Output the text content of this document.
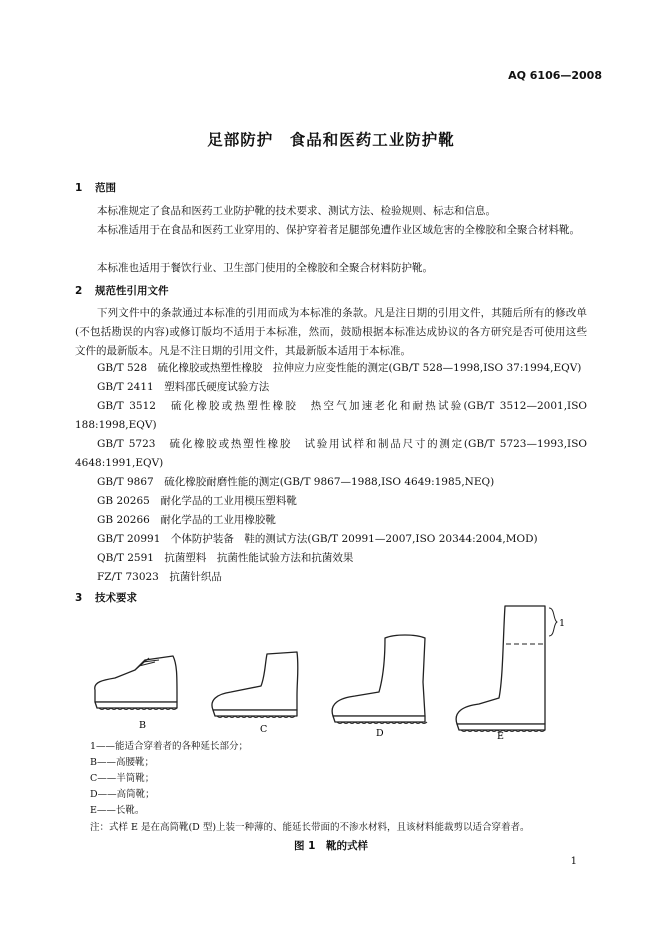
AQ 6106—2008
足部防护　食品和医药工业防护靴
1 范围
本标准规定了食品和医药工业防护靴的技术要求、测试方法、检验规则、标志和信息。
本标准适用于在食品和医药工业穿用的、保护穿着者足腿部免遭作业区域危害的全橡胶和全聚合材料靴。
本标准也适用于餐饮行业、卫生部门使用的全橡胶和全聚合材料防护靴。
2 规范性引用文件
下列文件中的条款通过本标准的引用而成为本标准的条款。凡是注日期的引用文件，其随后所有的修改单(不包括勘误的内容)或修订版均不适用于本标准，然而，鼓励根据本标准达成协议的各方研究是否可使用这些文件的最新版本。凡是不注日期的引用文件，其最新版本适用于本标准。
GB/T 528　硫化橡胶或热塑性橡胶　拉伸应力应变性能的测定(GB/T 528—1998,ISO 37:1994,EQV)
GB/T 2411　塑料邵氏硬度试验方法
GB/T 3512　硫化橡胶或热塑性橡胶　热空气加速老化和耐热试验(GB/T 3512—2001,ISO 188:1998,EQV)
GB/T 5723　硫化橡胶或热塑性橡胶　试验用试样和制品尺寸的测定(GB/T 5723—1993,ISO 4648:1991,EQV)
GB/T 9867　硫化橡胶耐磨性能的测定(GB/T 9867—1988,ISO 4649:1985,NEQ)
GB 20265　耐化学品的工业用模压塑料靴
GB 20266　耐化学品的工业用橡胶靴
GB/T 20991　个体防护装备　鞋的测试方法(GB/T 20991—2007,ISO 20344:2004,MOD)
QB/T 2591　抗菌塑料　抗菌性能试验方法和抗菌效果
FZ/T 73023　抗菌针织品
3 技术要求
B	C	D	E
1
1——能适合穿着者的各种延长部分；
B——高腰靴；
C——半筒靴；
D——高筒靴；
E——长靴。
注：式样 E 是在高筒靴(D 型)上装一种薄的、能延长带面的不渗水材料，且该材料能裁剪以适合穿着者。
图 1　靴的式样
1
